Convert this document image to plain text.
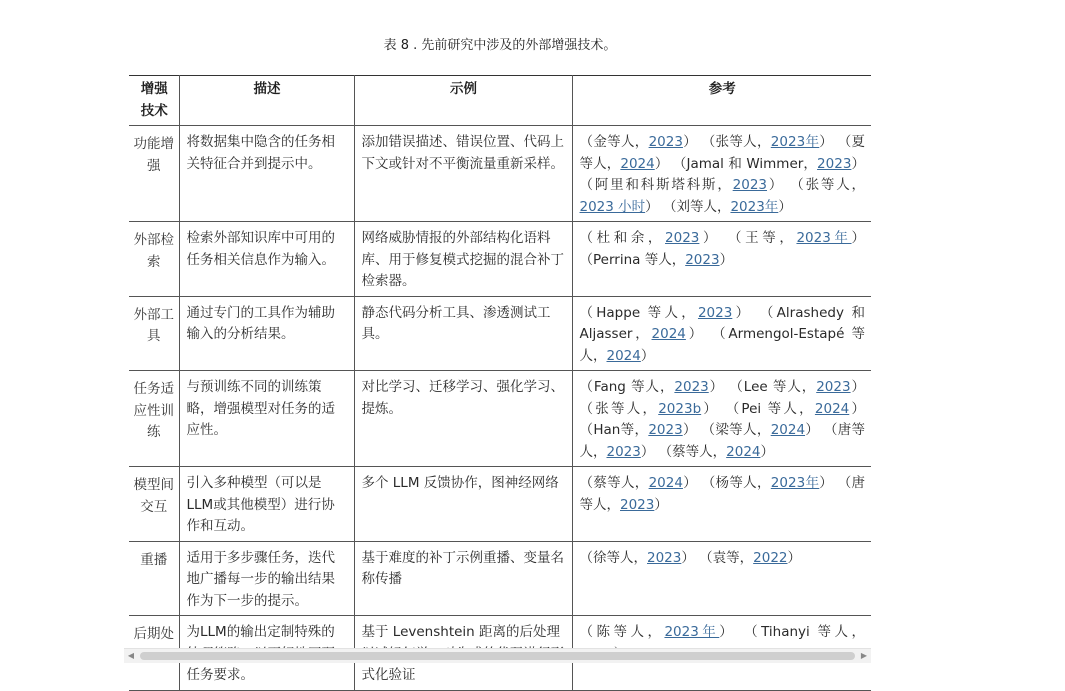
表 8 . 先前研究中涉及的外部增强技术。
增强技术	描述	示例	参考
功能增强	将数据集中隐含的任务相关特征合并到提示中。	添加错误描述、错误位置、代码上下文或针对不平衡流量重新采样。	（金等人，2023） （张等人，2023年） （夏等人，2024） （Jamal 和 Wimmer，2023） （阿里和科斯塔科斯，2023） （张等人，2023 小时） （刘等人，2023年）
外部检索	检索外部知识库中可用的任务相关信息作为输入。	网络威胁情报的外部结构化语料库、用于修复模式挖掘的混合补丁检索器。	（杜和余，2023） （王等，2023年） （Perrina 等人，2023）
外部工具	通过专门的工具作为辅助输入的分析结果。	静态代码分析工具、渗透测试工具。	（Happe 等人，2023） （Alrashedy 和 Aljasser，2024） （Armengol-Estapé 等人，2024）
任务适应性训练	与预训练不同的训练策略，增强模型对任务的适应性。	对比学习、迁移学习、强化学习、提炼。	（Fang 等人，2023） （Lee 等人，2023） （张等人，2023b） （Pei 等人，2024） （Han等，2023） （梁等人，2024） （唐等人，2023） （蔡等人，2024）
模型间交互	引入多种模型（可以是LLM或其他模型）进行协作和互动。	多个 LLM 反馈协作，图神经网络	（蔡等人，2024） （杨等人，2023年） （唐等人，2023）
重播	适用于多步骤任务，迭代地广播每一步的输出结果作为下一步的提示。	基于难度的补丁示例重播、变量名称传播	（徐等人，2023） （袁等，2022）
后期处	为LLM的输出定制特殊的 任务要求。	基于 Levenshtein 距离的后处理 式化验证	（陈等人，2023年） （Tihanyi 等人，
◀	▶
